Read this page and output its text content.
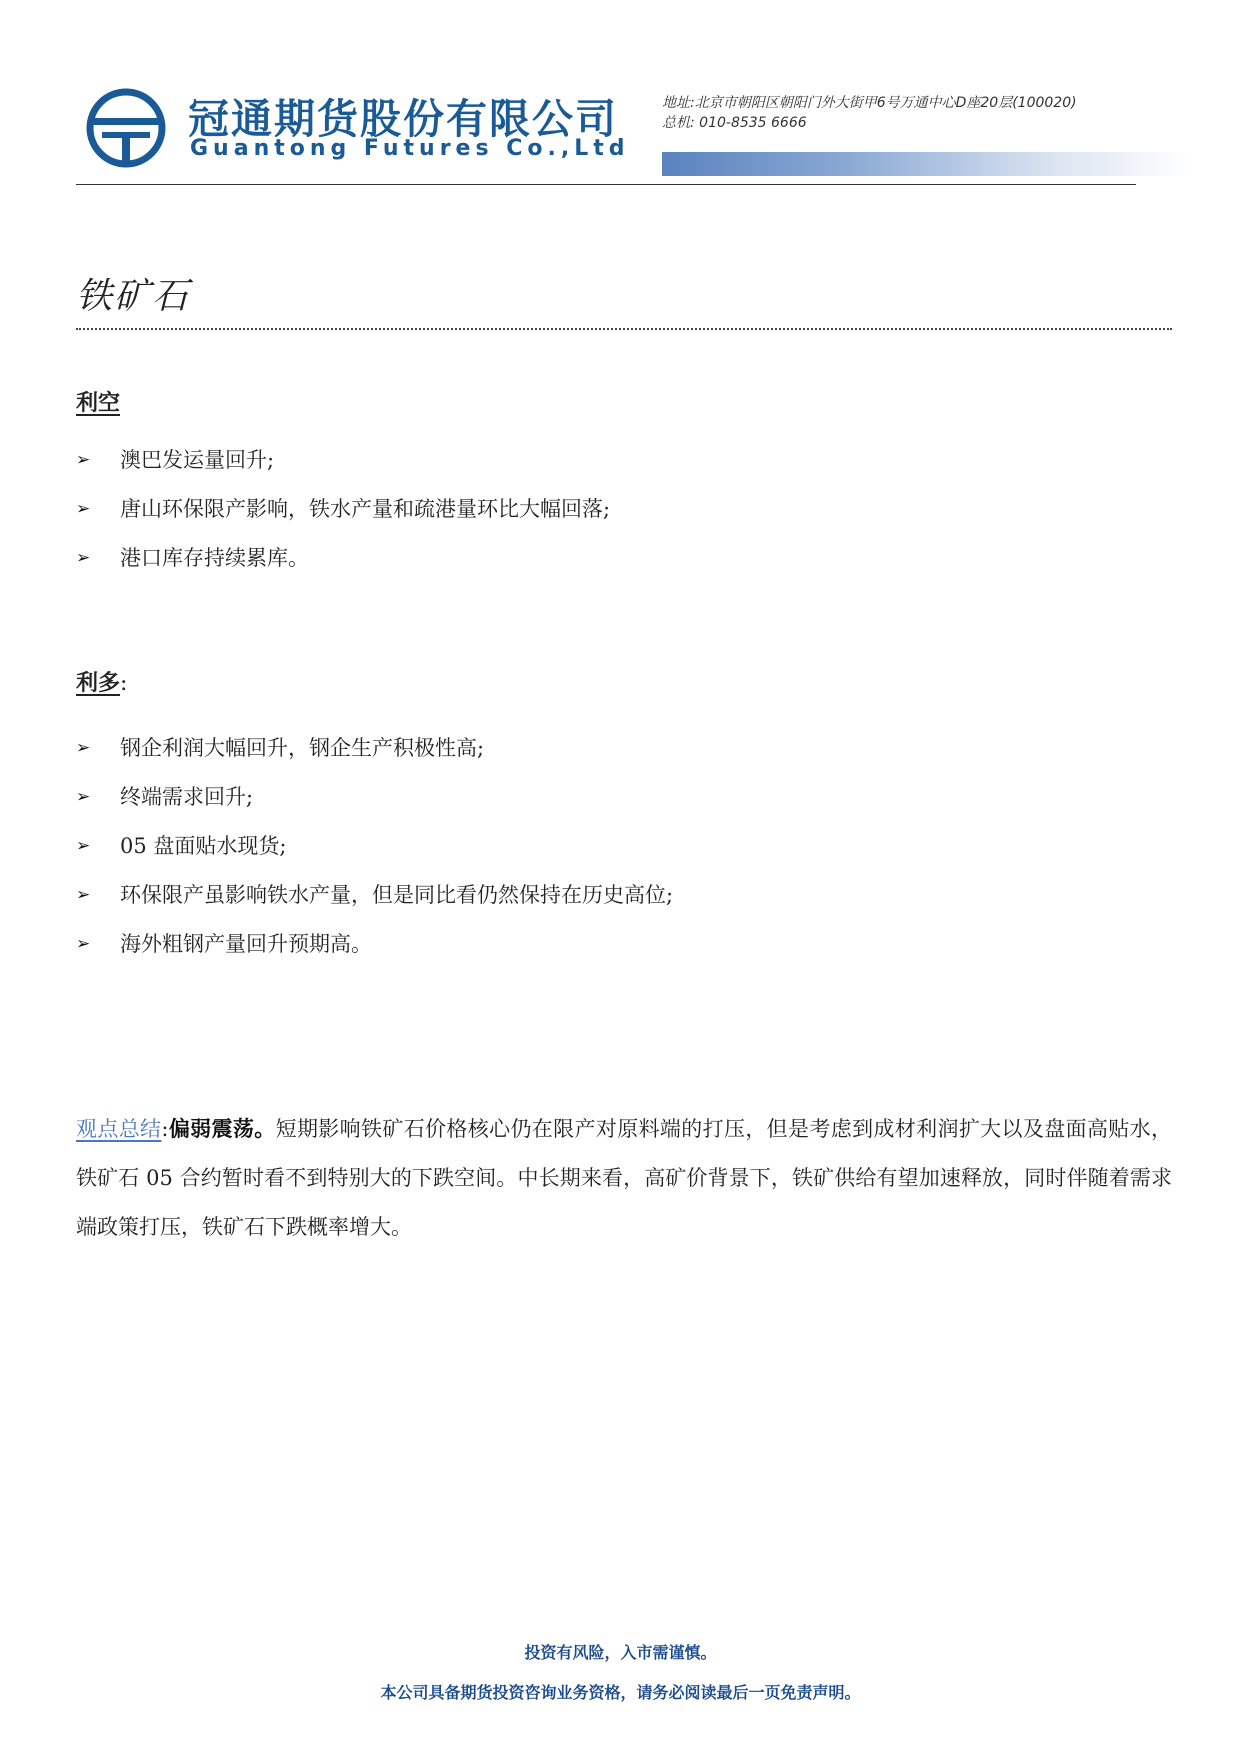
冠通期货股份有限公司
Guantong Futures Co.,Ltd
地址:北京市朝阳区朝阳门外大街甲6号万通中心D座20层(100020)
总机: 010-8535 6666
铁矿石
利空
➢ 澳巴发运量回升;
➢ 唐山环保限产影响，铁水产量和疏港量环比大幅回落;
➢ 港口库存持续累库。
利多:
➢ 钢企利润大幅回升，钢企生产积极性高;
➢ 终端需求回升;
➢ 05 盘面贴水现货;
➢ 环保限产虽影响铁水产量，但是同比看仍然保持在历史高位;
➢ 海外粗钢产量回升预期高。
观点总结:偏弱震荡。短期影响铁矿石价格核心仍在限产对原料端的打压，但是考虑到成材利润扩大以及盘面高贴水，铁矿石 05 合约暂时看不到特别大的下跌空间。中长期来看，高矿价背景下，铁矿供给有望加速释放，同时伴随着需求端政策打压，铁矿石下跌概率增大。
投资有风险，入市需谨慎。
本公司具备期货投资咨询业务资格，请务必阅读最后一页免责声明。
